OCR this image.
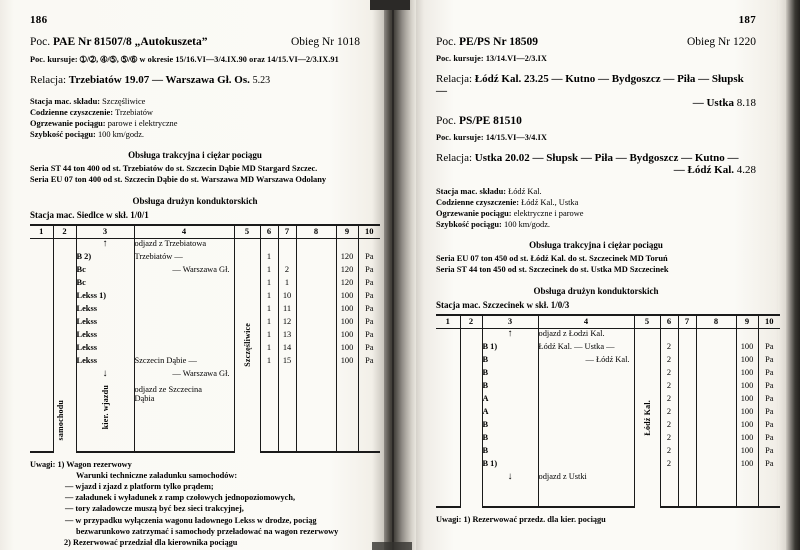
186
Poc. PAE Nr 81507/8 „Autokuszeta”	Obieg Nr 1018
Poc. kursuje: ➀/➁, ➃/➄, ➄/➅ w okresie 15/16.VI—3/4.IX.90 oraz 14/15.VI—2/3.IX.91
Relacja: Trzebiatów 19.07 — Warszawa Gł. Os. 5.23
Stacja mac. składu: Szczęśliwice
Codzienne czyszczenie: Trzebiatów
Ogrzewanie pociągu: parowe i elektryczne
Szybkość pociągu: 100 km/godz.
Obsługa trakcyjna i ciężar pociągu
Seria ST 44 ton 400 od st. Trzebiatów do st. Szczecin Dąbie MD Stargard Szczec.
Seria EU 07 ton 400 od st. Szczecin Dąbie do st. Warszawa MD Warszawa Odolany
Obsługa drużyn konduktorskich
Stacja mac. Siedlce w skł. 1/0/1
1	2	3	4	5	6	7	8	9	10

	samochodu	↑	odjazd z Trzebiatowa	Szczęśliwice					

		B 2)	Trzebiatów —		1			120	Pa
		Bc	— Warszawa Gł.		1	2		120	Pa
		Bc			1	1		120	Pa
		Lekss 1)			1	10		100	Pa
		Lekss			1	11		100	Pa
		Lekss			1	12		100	Pa
		Lekss			1	13		100	Pa
		Lekss			1	14		100	Pa
		Lekss	Szczecin Dąbie —		1	15		100	Pa
		↓	— Warszawa Gł.						

		kier. wjazdu	odjazd ze Szczecina
Dąbia						
Uwagi: 1) Wagon rezerwowy
Warunki techniczne załadunku samochodów:
— wjazd i zjazd z platform tylko prądem;
— załadunek i wyładunek z ramp czołowych jednopoziomowych,
— tory załadowcze muszą być bez sieci trakcyjnej,
— w przypadku wyłączenia wagonu ładownego Lekss w drodze, pociąg
bezwarunkowo zatrzymać i samochody przeładować na wagon rezerwowy
2) Rezerwować przedział dla kierownika pociągu
187
Poc. PE/PS Nr 18509	Obieg Nr 1220
Poc. kursuje: 13/14.VI—2/3.IX
Relacja: Łódź Kal. 23.25 — Kutno — Bydgoszcz — Piła — Słupsk —
— Ustka 8.18
Poc. PS/PE 81510
Poc. kursuje: 14/15.VI—3/4.IX
Relacja: Ustka 20.02 — Słupsk — Piła — Bydgoszcz — Kutno —
— Łódź Kal. 4.28
Stacja mac. składu: Łódź Kal.
Codzienne czyszczenie: Łódź Kal., Ustka
Ogrzewanie pociągu: elektryczne i parowe
Szybkość pociągu: 100 km/godz.
Obsługa trakcyjna i ciężar pociągu
Seria EU 07 ton 450 od st. Łódź Kal. do st. Szczecinek MD Toruń
Seria ST 44 ton 450 od st. Szczecinek do st. Ustka MD Szczecinek
Obsługa drużyn konduktorskich
Stacja mac. Szczecinek w skł. 1/0/3
1	2	3	4	5	6	7	8	9	10
		↑	odjazd z Łodzi Kal.	Łódź Kal.					

		B 1)	Łódź Kal. — Ustka —		2			100	Pa
		B	— Łódź Kal.		2			100	Pa
		B			2			100	Pa
		B			2			100	Pa
		A			2			100	Pa
		A			2			100	Pa
		B			2			100	Pa
		B			2			100	Pa
		B			2			100	Pa
		B 1)			2			100	Pa
		↓	odjazd z Ustki						
Uwagi: 1) Rezerwować przedz. dla kier. pociągu
